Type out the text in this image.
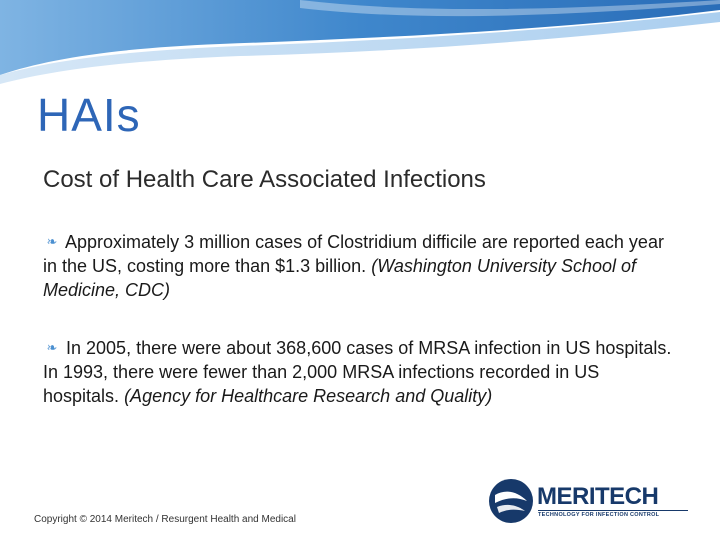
HAIs
Cost of Health Care Associated Infections
❧ Approximately 3 million cases of Clostridium difficile are reported each year in the US, costing more than $1.3 billion. (Washington University School of Medicine, CDC)
❧ In 2005, there were about 368,600 cases of MRSA infection in US hospitals. In 1993, there were fewer than 2,000 MRSA infections recorded in US hospitals. (Agency for Healthcare Research and Quality)
Copyright © 2014 Meritech / Resurgent Health and Medical
MERITECH
TECHNOLOGY FOR INFECTION CONTROL
